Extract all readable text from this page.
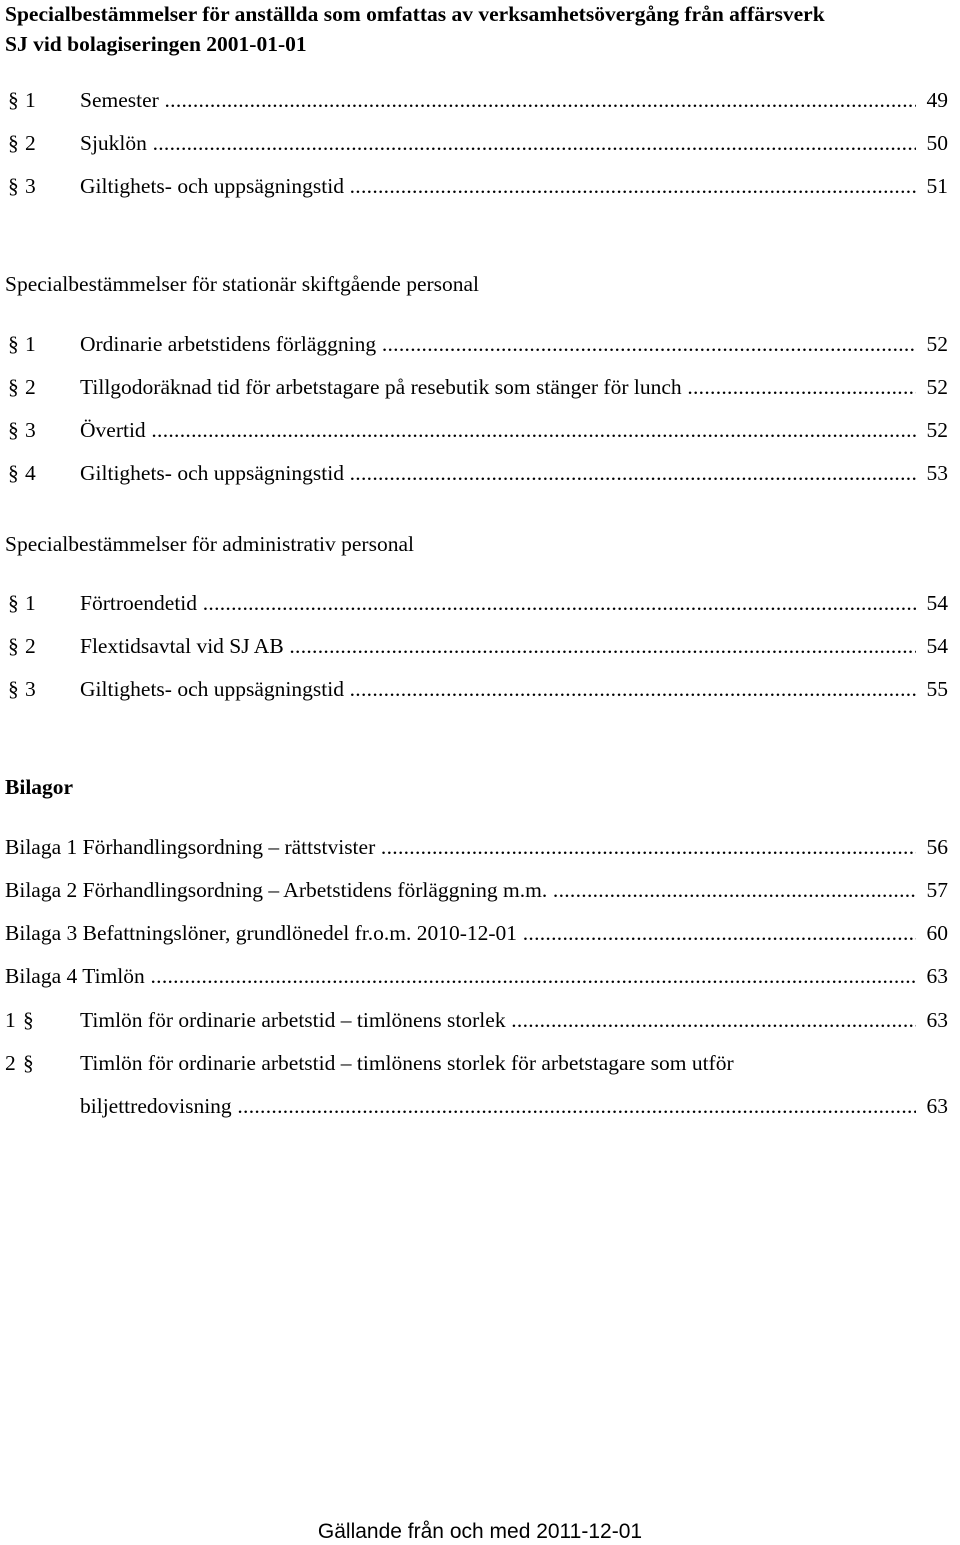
Specialbestämmelser för anställda som omfattas av verksamhetsövergång från affärsverk
SJ vid bolagiseringen 2001-01-01
§ 1 Semester .....	49
§ 2 Sjuklön .....	50
§ 3 Giltighets- och uppsägningstid .....	51
Specialbestämmelser för stationär skiftgående personal
§ 1 Ordinarie arbetstidens förläggning .....	52
§ 2 Tillgodoräknad tid för arbetstagare på resebutik som stänger för lunch .....	52
§ 3 Övertid .....	52
§ 4 Giltighets- och uppsägningstid .....	53
Specialbestämmelser för administrativ personal
§ 1 Förtroendetid .....	54
§ 2 Flextidsavtal vid SJ AB .....	54
§ 3 Giltighets- och uppsägningstid .....	55
Bilagor
Bilaga 1 Förhandlingsordning – rättstvister .....	56
Bilaga 2 Förhandlingsordning – Arbetstidens förläggning m.m. .....	57
Bilaga 3 Befattningslöner, grundlönedel fr.o.m. 2010-12-01 .....	60
Bilaga 4 Timlön .....	63
1 § Timlön för ordinarie arbetstid – timlönens storlek .....	63
2 § Timlön för ordinarie arbetstid – timlönens storlek för arbetstagare som utför
biljettredovisning .....	63
Gällande från och med 2011-12-01
